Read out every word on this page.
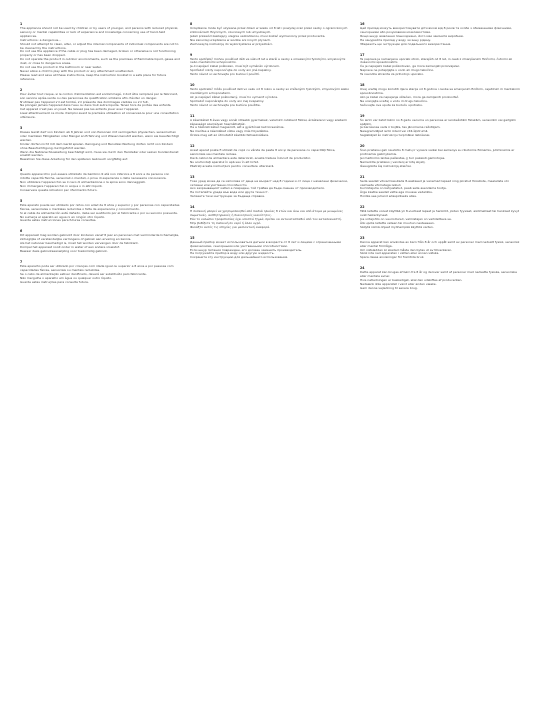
1

The appliance should not be used by children or by users of younger, and persons with reduced physical, sensory or mental capabilities or lack of experience and knowledge concerning use of hand-held appliances.

Instructions: a dangerous...

Should not attempt to clean, alter, or adjust the internal components of individual components are not to be cleaned by the instructions.

Do not use the appliance if the cable or plug has been damaged, broken or otherwise is not functioning properly or has been dropped.

Do not operate the product in outdoor environments, such as the premises of flammable liquid, gases and dust, or close to dangerous areas.

Do not use the product in the bathroom or near water.

Never allow a child to play with the product or any attachment unattended.

Please read and save all these instructions, keep the instruction booklet in a safe place for future reference.

2

Pour éviter tout risque, si le cordon d'alimentation est endommagé, il doit être remplacé par le fabricant, son service après-vente ou des personnes de qualification similaire afin d'éviter un danger.

N'utilisez pas l'appareil s'il est tombé, s'il présente des dommages visibles ou s'il fuit.

Ne plongez jamais l'appareil dans l'eau ou dans tout autre liquide. Tenez hors de portée des enfants.

Cet appareil n'est pas un jouet. Ne laissez pas les enfants jouer avec l'appareil.

Lisez attentivement ce mode d'emploi avant la première utilisation et conservez-le pour une consultation ultérieure.

3

Dieses Gerät darf von Kindern ab 8 Jahren und von Personen mit verringerten physischen, sensorischen oder mentalen Fähigkeiten oder Mangel an Erfahrung und Wissen benutzt werden, wenn sie beaufsichtigt werden.

Kinder dürfen nicht mit dem Gerät spielen. Reinigung und Benutzer-Wartung dürfen nicht von Kindern ohne Beaufsichtigung durchgeführt werden.

Wenn die Netzanschlussleitung beschädigt wird, muss sie durch den Hersteller oder seinen Kundendienst ersetzt werden.

Bewahren Sie diese Anleitung für den späteren Gebrauch sorgfältig auf.

4

Questo apparecchio può essere utilizzato da bambini di età non inferiore a 8 anni e da persone con ridotte capacità fisiche, sensoriali o mentali, o prive di esperienza o della necessaria conoscenza.

Non utilizzare l'apparecchio se il cavo di alimentazione o la spina sono danneggiati.

Non immergere l'apparecchio in acqua o in altri liquidi.

Conservare queste istruzioni per riferimento futuro.

5

Este aparato puede ser utilizado por niños con edad de 8 años y superior y por personas con capacidades físicas, sensoriales o mentales reducidas o falta de experiencia y conocimiento.

Si el cable de alimentación está dañado, debe ser sustituido por el fabricante o por su servicio posventa.

No sumerja el aparato en agua ni en ningún otro líquido.

Guarde estas instrucciones para futuras consultas.

6

Dit apparaat mag worden gebruikt door kinderen vanaf 8 jaar en personen met verminderde lichamelijke, zintuiglijke of verstandelijke vermogens of gebrek aan ervaring en kennis.

Als het netsnoer beschadigd is, moet het worden vervangen door de fabrikant.

Dompel het apparaat nooit onder in water of een andere vloeistof.

Bewaar deze gebruiksaanwijzing voor toekomstig gebruik.

7

Este aparelho pode ser utilizado por crianças com idade igual ou superior a 8 anos e por pessoas com capacidades físicas, sensoriais ou mentais reduzidas.

Se o cabo de alimentação estiver danificado, deverá ser substituído pelo fabricante.

Não mergulhe o aparelho em água ou qualquer outro líquido.

Guarde estas instruções para consulta futura.

8

Urządzenie może być używane przez dzieci w wieku od 8 lat i powyżej oraz przez osoby o ograniczonych zdolnościach fizycznych, czuciowych lub umysłowych.

Jeżeli przewód zasilający ulegnie uszkodzeniu, musi zostać wymieniony przez producenta.

Nie zanurzaj urządzenia w wodzie ani innych płynach.

Zachowaj tę instrukcję do wykorzystania w przyszłości.

9

Tento spotřebič mohou používat děti ve věku 8 let a starší a osoby s omezenými fyzickými, smyslovými nebo mentálními schopnostmi.

Je-li napájecí kabel poškozen, musí být vyměněn výrobcem.

Spotřebič nikdy neponořujte do vody ani jiné kapaliny.

Tento návod si uschovejte pro budoucí použití.

10

Tento spotrebič môžu používať deti vo veku od 8 rokov a osoby so zníženými fyzickými, zmyslovými alebo mentálnymi schopnosťami.

Ak je napájací kábel poškodený, musí ho vymeniť výrobca.

Spotrebič neponárajte do vody ani inej kvapaliny.

Tento návod si uschovajte pre budúce použitie.

11

A készüléket 8 éves vagy annál idősebb gyermekek, valamint csökkent fizikai, érzékszervi vagy szellemi képességű személyek használhatják.

Ha a hálózati kábel megsérült, azt a gyártónak kell kicserélnie.

Ne merítse a készüléket vízbe vagy más folyadékba.

Őrizze meg ezt az útmutatót későbbi felhasználásra.

12

Acest aparat poate fi utilizat de copii cu vârsta de peste 8 ani și de persoane cu capacități fizice, senzoriale sau mentale reduse.

Dacă cablul de alimentare este deteriorat, acesta trebuie înlocuit de producător.

Nu scufundați aparatul în apă sau în alt lichid.

Păstrați aceste instrucțiuni pentru consultare ulterioară.

13

Този уред може да се използва от деца на възраст над 8 години и от лица с намалени физически, сетивни или умствени способности.

Ако захранващият кабел е повреден, той трябва да бъде сменен от производителя.

Не потапяйте уреда във вода или друга течност.

Запазете тези инструкции за бъдеща справка.

14

Η συσκευή μπορεί να χρησιμοποιηθεί από παιδιά ηλικίας 8 ετών και άνω και από άτομα με μειωμένες σωματικές, αισθητηριακές ή διανοητικές ικανότητες.

Εάν το καλώδιο τροφοδοσίας έχει υποστεί ζημιά, πρέπει να αντικατασταθεί από τον κατασκευαστή.

Μην βυθίζετε τη συσκευή σε νερό ή άλλο υγρό.

Φυλάξτε αυτές τις οδηγίες για μελλοντική αναφορά.

15

Данный прибор может использоваться детьми в возрасте от 8 лет и лицами с ограниченными физическими, сенсорными или умственными способностями.

Если шнур питания поврежден, его должен заменить производитель.

Не погружайте прибор в воду или другую жидкость.

Сохраните эту инструкцию для дальнейшего использования.

16

Цей прилад можуть використовувати діти віком від 8 років та особи з обмеженими фізичними, сенсорними або розумовими можливостями.

Якщо шнур живлення пошкоджено, його має замінити виробник.

Не занурюйте прилад у воду чи іншу рідину.

Збережіть цю інструкцію для подальшого використання.

17

Ta naprava je namenjena uporabi otrok, starejših od 8 let, in oseb z zmanjšanimi fizičnimi, čutnimi ali duševnimi sposobnostmi.

Če je napajalni kabel poškodovan, ga mora zamenjati proizvajalec.

Naprave ne potapljajte v vodo ali drugo tekočino.

Ta navodila shranite za prihodnjo uporabo.

18

Ovaj uređaj mogu koristiti djeca starija od 8 godina i osobe sa smanjenim fizičkim, osjetilnim ili mentalnim sposobnostima.

Ako je kabel za napajanje oštećen, mora ga zamijeniti proizvođač.

Ne uranjajte uređaj u vodu ili drugu tekućinu.

Sačuvajte ove upute za buduću upotrebu.

19

Šo ierīci var lietot bērni no 8 gadu vecuma un personas ar ierobežotām fiziskām, sensorām vai garīgām spējām.

Ja barošanas vads ir bojāts, tas jānomaina ražotājam.

Neiegremdējiet ierīci ūdenī vai citā šķidrumā.

Saglabājiet šo instrukciju turpmākai lietošanai.

20

Šiuo prietaisu gali naudotis 8 metų ir vyresni vaikai bei asmenys su ribotomis fizinėmis, jutiminėmis ar protinėmis galimybėmis.

Jei maitinimo laidas pažeistas, jį turi pakeisti gamintojas.

Nemerkite prietaiso į vandenį ar kitą skystį.

Išsaugokite šią instrukciją ateičiai.

21

Seda seadet võivad kasutada 8-aastased ja vanemad lapsed ning piiratud füüsiliste, meeleliste või vaimsete võimetega isikud.

Kui toitejuhe on kahjustatud, peab selle asendama tootja.

Ärge kastke seadet vette ega muusse vedelikku.

Hoidke see juhend edaspidiseks alles.

22

Tätä laitetta voivat käyttää yli 8-vuotiaat lapset ja henkilöt, joiden fyysiset, aistimelliset tai henkiset kyvyt ovat heikentyneet.

Jos virtajohto on vaurioitunut, valmistajan on vaihdettava se.

Älä upota laitetta veteen tai muuhun nesteeseen.

Säilytä nämä ohjeet myöhempää käyttöä varten.

23

Denna apparat kan användas av barn från 8 år och uppåt samt av personer med nedsatt fysisk, sensorisk eller mental förmåga.

Om nätsladden är skadad måste den bytas ut av tillverkaren.

Sänk inte ned apparaten i vatten eller annan vätska.

Spara dessa anvisningar för framtida bruk.

24

Dette apparat kan bruges af børn fra 8 år og derover samt af personer med nedsatte fysiske, sensoriske eller mentale evner.

Hvis netledningen er beskadiget, skal den udskiftes af producenten.

Nedsænk ikke apparatet i vand eller anden væske.

Gem denne vejledning til senere brug.
